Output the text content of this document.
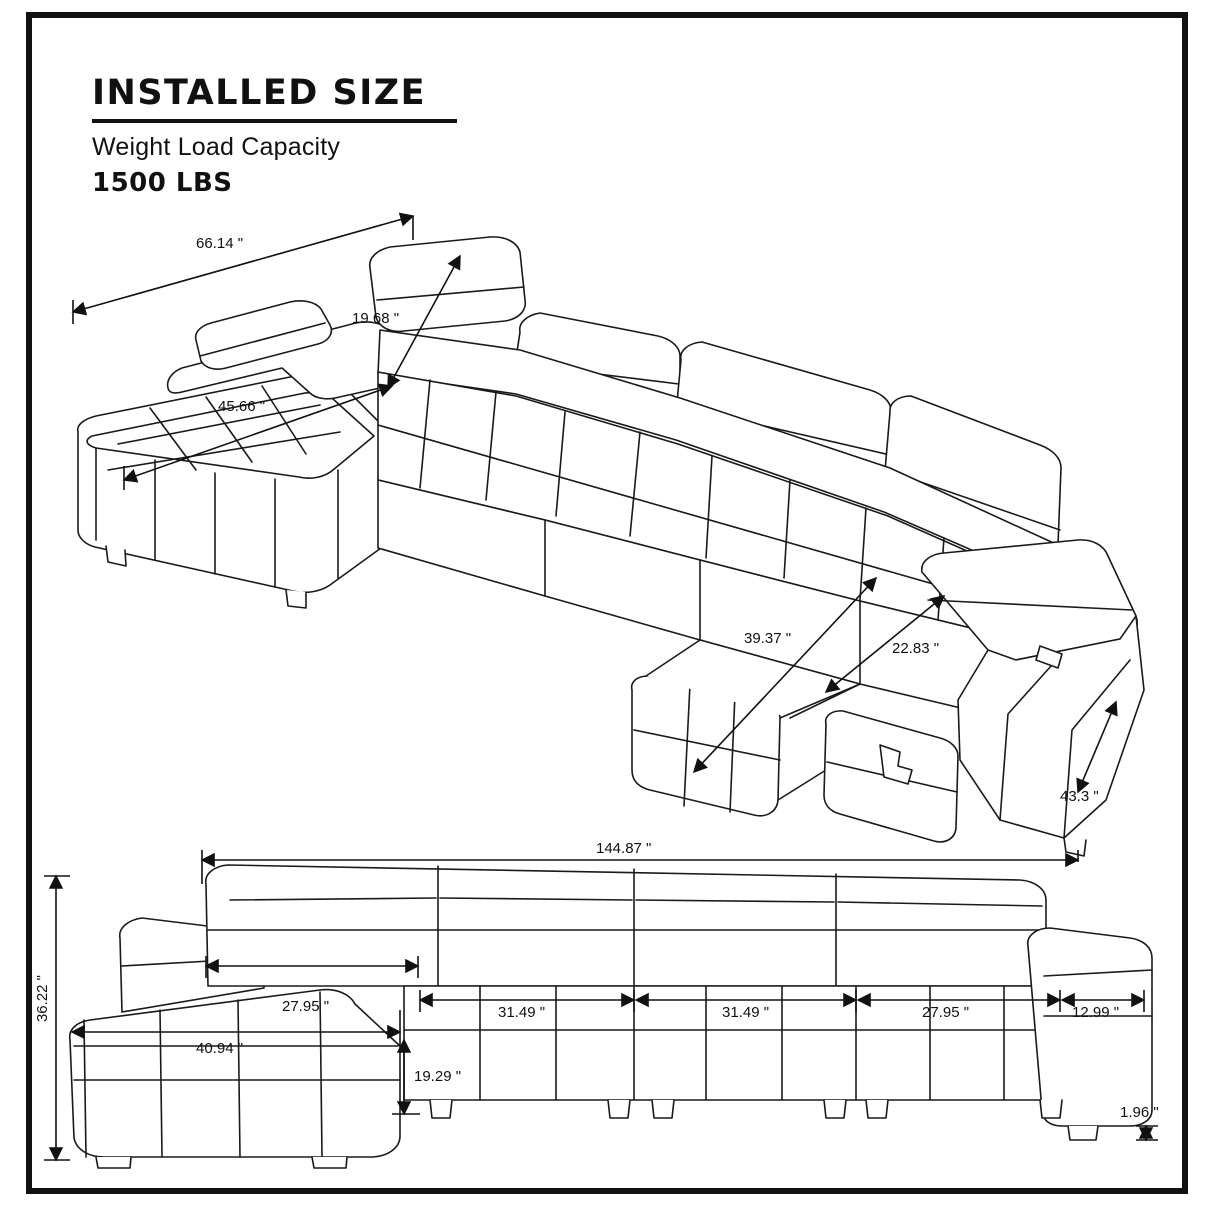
INSTALLED SIZE
Weight Load Capacity
1500 LBS
66.14 "
19.68 "
45.66 "
39.37 "
22.83 "
43.3 "
144.87 "
36.22 "	27.95 "
40.94 "
19.29 "
31.49 "	31.49 "	27.95 "	12.99 "
1.96 "
